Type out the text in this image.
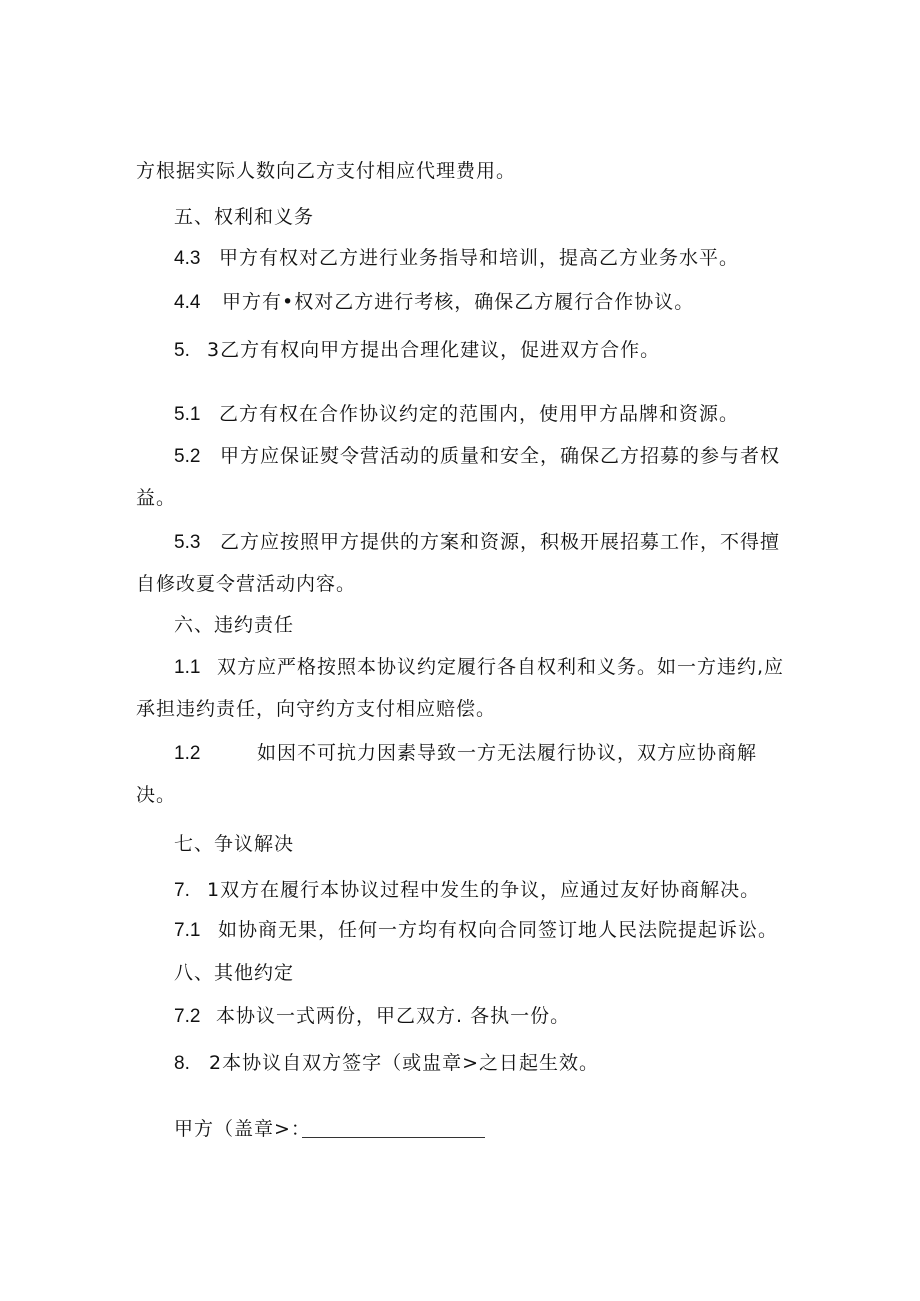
方根据实际人数向乙方支付相应代理费用。
五、权利和义务
4.3 甲方有权对乙方进行业务指导和培训，提高乙方业务水平。
4.4 甲方有•权对乙方进行考核，确保乙方履行合作协议。
5. 3乙方有权向甲方提出合理化建议，促进双方合作。
5.1 乙方有权在合作协议约定的范围内，使用甲方品牌和资源。
5.2 甲方应保证熨令营活动的质量和安全，确保乙方招募的参与者权
益。
5.3 乙方应按照甲方提供的方案和资源，积极开展招募工作，不得擅
自修改夏令营活动内容。
六、违约责任
1.1 双方应严格按照本协议约定履行各自权利和义务。如一方违约,应
承担违约责任，向守约方支付相应赔偿。
1.2	如因不可抗力因素导致一方无法履行协议，双方应协商解
决。
七、争议解决
7. 1双方在履行本协议过程中发生的争议，应通过友好协商解决。
7.1 如协商无果，任何一方均有权向合同签订地人民法院提起诉讼。
八、其他约定
7.2 本协议一式两份，甲乙双方. 各执一份。
8. 2本协议自双方签字（或盅章>之日起生效。
甲方（盖章>：
